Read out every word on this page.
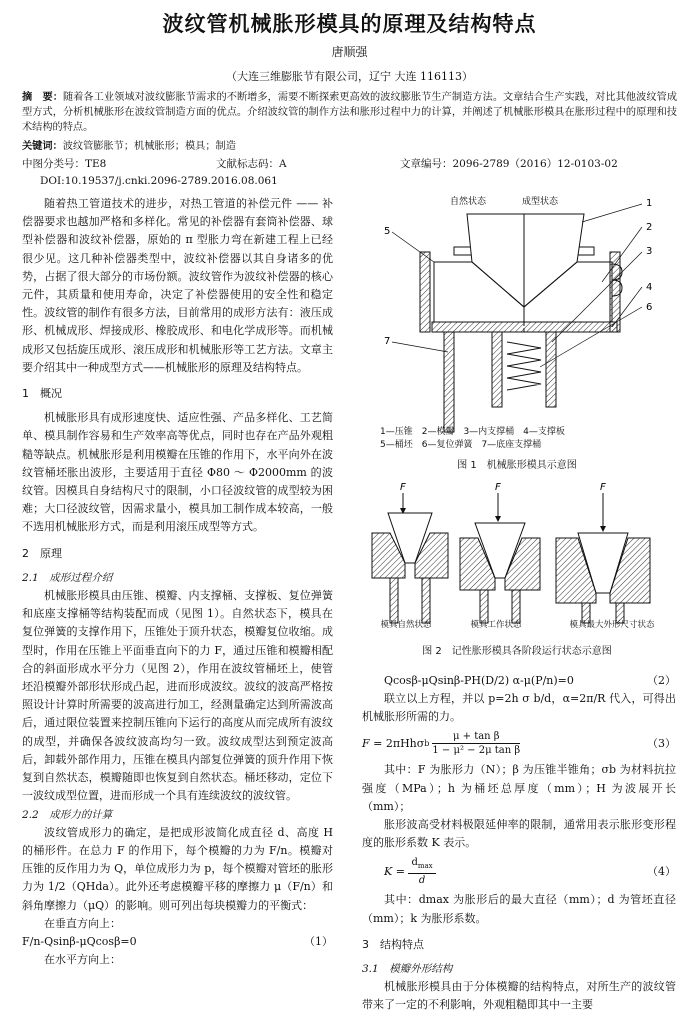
波纹管机械胀形模具的原理及结构特点
唐顺强
（大连三维膨胀节有限公司，辽宁 大连 116113）
摘　要：随着各工业领域对波纹膨胀节需求的不断增多，需要不断探索更高效的波纹膨胀节生产制造方法。文章结合生产实践，对比其他波纹管成型方式，分析机械胀形在波纹管制造方面的优点。介绍波纹管的制作方法和胀形过程中力的计算，并阐述了机械胀形模具在胀形过程中的原理和技术结构的特点。
关键词：波纹管膨胀节；机械胀形；模具；制造
中图分类号：TE8	文献标志码：A	文章编号：2096-2789（2016）12-0103-02
DOI:10.19537/j.cnki.2096-2789.2016.08.061

随着热工管道技术的进步，对热工管道的补偿元件 —— 补偿器要求也越加严格和多样化。常见的补偿器有套筒补偿器、球型补偿器和波纹补偿器，原始的 π 型胀力弯在新建工程上已经很少见。这几种补偿器类型中，波纹补偿器以其自身诸多的优势，占据了很大部分的市场份额。波纹管作为波纹补偿器的核心元件，其质量和使用寿命，决定了补偿器使用的安全性和稳定性。波纹管的制作有很多方法，目前常用的成形方法有：液压成形、机械成形、焊接成形、橡胶成形、和电化学成形等。而机械成形又包括旋压成形、滚压成形和机械胀形等工艺方法。文章主要介绍其中一种成型方式——机械胀形的原理及结构特点。

1　概况

机械胀形具有成形速度快、适应性强、产品多样化、工艺简单、模具制作容易和生产效率高等优点，同时也存在产品外观粗糙等缺点。机械胀形是利用模瓣在压锥的作用下，水平向外在波纹管桶坯胀出波形，主要适用于直径 Φ80 ～ Φ2000mm 的波纹管。因模具自身结构尺寸的限制，小口径波纹管的成型较为困难；大口径波纹管，因需求量小，模具加工制作成本较高，一般不选用机械胀形方式，而是利用滚压成型等方式。

2　原理
2.1　成形过程介绍

机械胀形模具由压锥、模瓣、内支撑桶、支撑板、复位弹簧和底座支撑桶等结构装配而成（见图 1）。自然状态下，模具在复位弹簧的支撑作用下，压锥处于顶升状态，模瓣复位收缩。成型时，作用在压锥上平面垂直向下的力 F，通过压锥和模瓣相配合的斜面形成水平分力（见图 2），作用在波纹管桶坯上，使管坯沿模瓣外部形状形成凸起，进而形成波纹。波纹的波高严格按照设计计算时所需要的波高进行加工，经测量确定达到所需波高后，通过限位装置来控制压锥向下运行的高度从而完成所有波纹的成型，并确保各波纹波高均匀一致。波纹成型达到预定波高后，卸载外部作用力，压锥在模具内部复位弹簧的顶升作用下恢复到自然状态，模瓣随即也恢复到自然状态。桶坯移动，定位下一波纹成型位置，进而形成一个具有连续波纹的波纹管。

2.2　成形力的计算

波纹管成形力的确定，是把成形波简化成直径 d、高度 H 的桶形件。在总力 F 的作用下，每个模瓣的力为 F/n。模瓣对压锥的反作用力为 Q，单位成形力为 p，每个模瓣对管坯的胀形力为 1/2（QHda）。此外还考虑模瓣平移的摩擦力 μ（F/n）和斜角摩擦力（μQ）的影响。则可列出每块模瓣力的平衡式：

在垂直方向上：

F/n-Qsinβ-μQcosβ=0	（1）

在水平方向上：

自然状态	成型状态
5
7
1
2
3
4
6
1—压锥　2—模瓣　3—内支撑桶　4—支撑板
5—桶坯　6—复位弹簧　7—底座支撑桶
图 1　机械胀形模具示意图
F	F	F
模具自然状态	模具工作状态	模具最大外形尺寸状态
图 2　记性胀形模具各阶段运行状态示意图
Qcosβ-μQsinβ-PH(D/2) α-μ(P/n)=0	（2）

联立以上方程，并以 p=2h σ b/d，α=2π/R 代入，可得出机械胀形所需的力。

F = 2πHhσ b
μ + tan β
1 − μ² − 2μ tan β
（3）

其中：F 为胀形力（N）；β 为压锥半锥角；σb 为材料抗拉强度（MPa）；h 为桶坯总厚度（mm）；H 为波展开长（mm）；

胀形波高受材料极限延伸率的限制，通常用表示胀形变形程度的胀形系数 K 表示。

K =
$d_{max}$
d
（4）

其中：dmax 为胀形后的最大直径（mm）；d 为管坯直径（mm）；k 为胀形系数。

3　结构特点
3.1　模瓣外形结构

机械胀形模具由于分体模瓣的结构特点，对所生产的波纹管带来了一定的不利影响，外观粗糙即其中一主要
